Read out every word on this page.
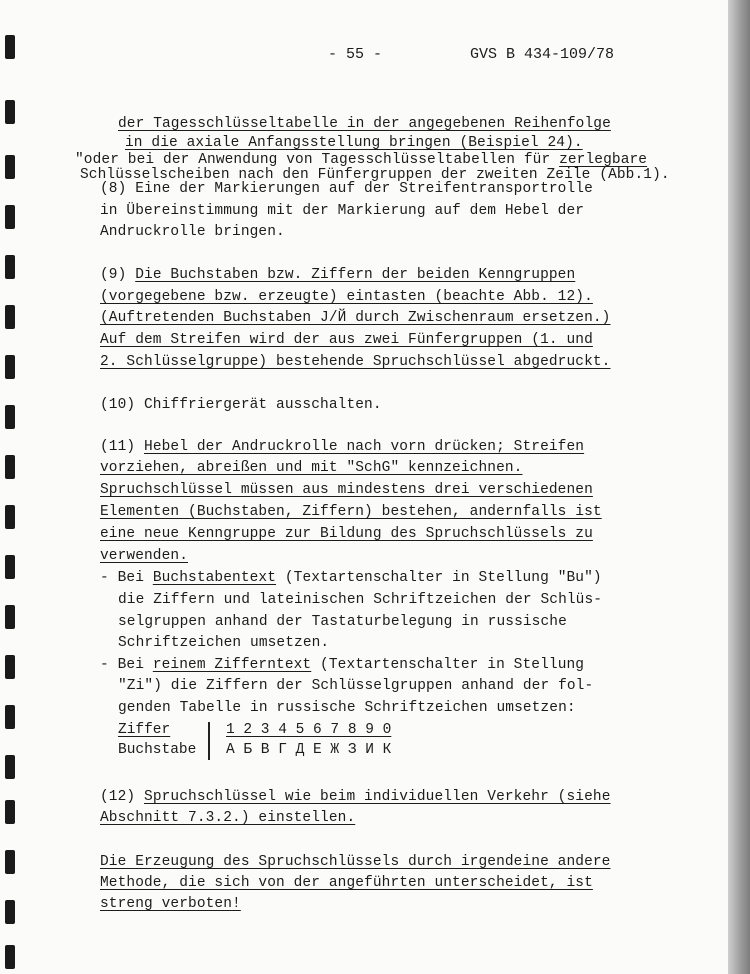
- 55 -	GVS B 434-109/78
der Tagesschlüsseltabelle in der angegebenen Reihenfolge
in die axiale Anfangsstellung bringen (Beispiel 24).
"oder bei der Anwendung von Tagesschlüsseltabellen für zerlegbare
Schlüsselscheiben nach den Fünfergruppen der zweiten Zeile (Abb.1).
(8) Eine der Markierungen auf der Streifentransportrolle
in Übereinstimmung mit der Markierung auf dem Hebel der
Andruckrolle bringen.
(9) Die Buchstaben bzw. Ziffern der beiden Kenngruppen
(vorgegebene bzw. erzeugte) eintasten (beachte Abb. 12).
(Auftretenden Buchstaben J/Й durch Zwischenraum ersetzen.)
Auf dem Streifen wird der aus zwei Fünfergruppen (1. und
2. Schlüsselgruppe) bestehende Spruchschlüssel abgedruckt.
(10) Chiffriergerät ausschalten.
(11) Hebel der Andruckrolle nach vorn drücken; Streifen
vorziehen, abreißen und mit "SchG" kennzeichnen.
Spruchschlüssel müssen aus mindestens drei verschiedenen
Elementen (Buchstaben, Ziffern) bestehen, andernfalls ist
eine neue Kenngruppe zur Bildung des Spruchschlüssels zu
verwenden.
- Bei Buchstabentext (Textartenschalter in Stellung "Bu")
die Ziffern und lateinischen Schriftzeichen der Schlüs-
selgruppen anhand der Tastaturbelegung in russische
Schriftzeichen umsetzen.
- Bei reinem Zifferntext (Textartenschalter in Stellung
"Zi") die Ziffern der Schlüsselgruppen anhand der fol-
genden Tabelle in russische Schriftzeichen umsetzen:
(12) Spruchschlüssel wie beim individuellen Verkehr (siehe
Abschnitt 7.3.2.) einstellen.
Die Erzeugung des Spruchschlüssels durch irgendeine andere
Methode, die sich von der angeführten unterscheidet, ist
streng verboten!
Ziffer	1 2 3 4 5 6 7 8 9 0
Buchstabe А Б В Г Д Е Ж З И К
